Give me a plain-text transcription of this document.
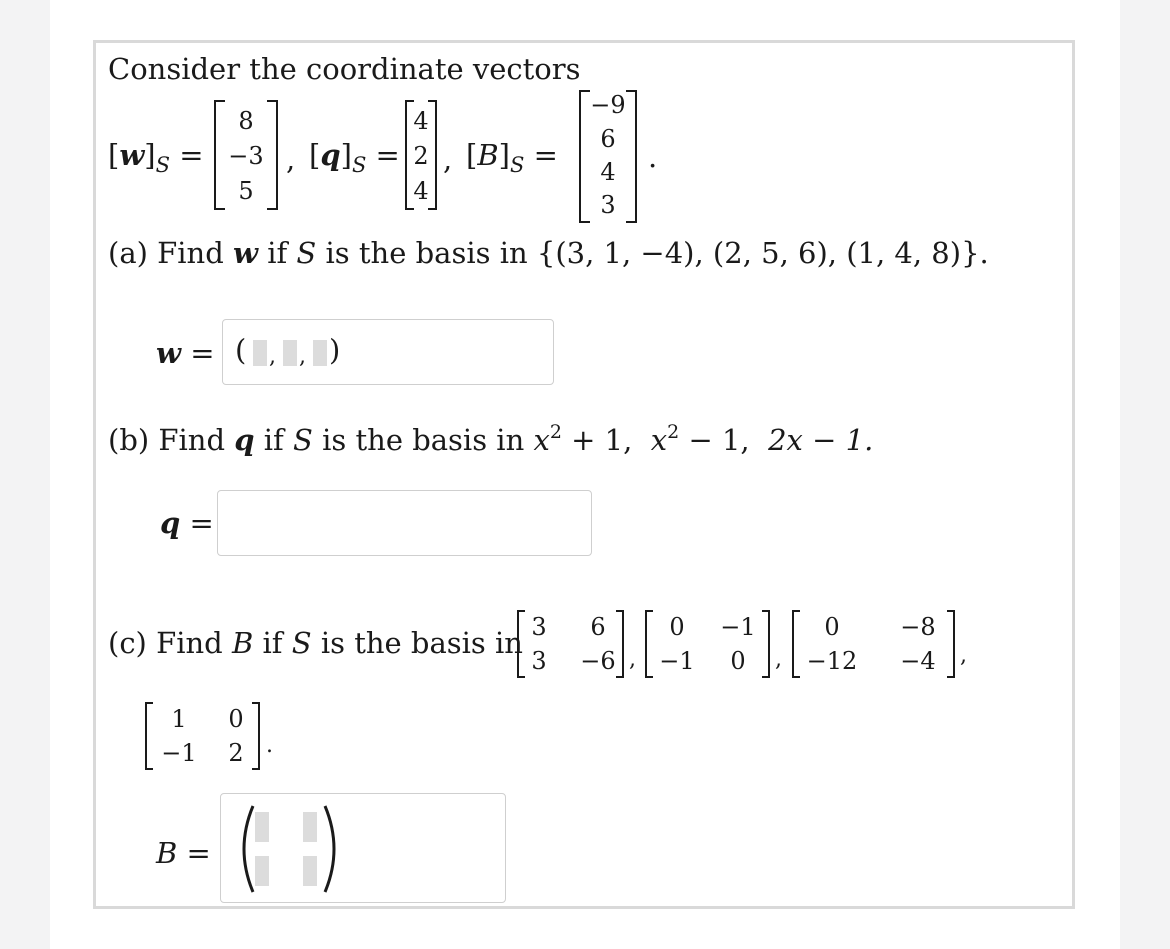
Consider the coordinate vectors
$[w]_S$ =
8
−3
5
, $[q]_S$ =
4
2
4
, $[B]_S$ =
−9
6
4
3
.
(a) Find w if S is the basis in {(3, 1, −4), (2, 5, 6), (1, 4, 8)}.
w = ( , , )
(b) Find q if S is the basis in $x^2 + 1$, $x^2 - 1$, 2x − 1.
q =
(c) Find B if S is the basis in 3	6
3	−6 ,
0	−1
−1	0	,
0	−8
−12	−4	,
1	0
−1	2	.
B =
